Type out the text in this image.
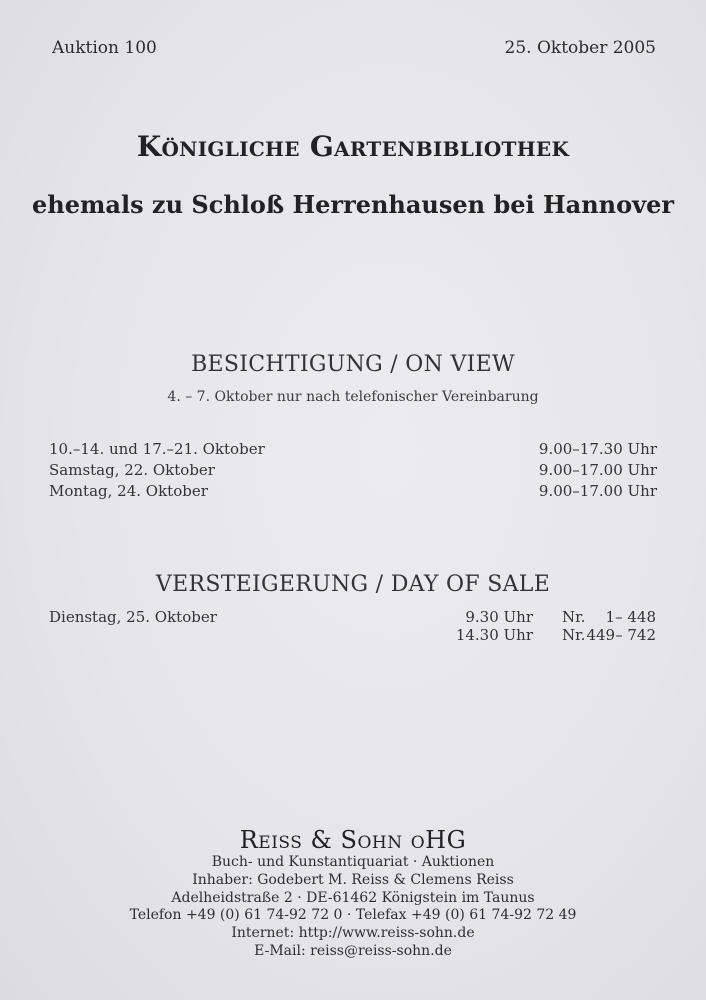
Auktion 100	25. Oktober 2005
Königliche Gartenbibliothek
ehemals zu Schloß Herrenhausen bei Hannover
BESICHTIGUNG / ON VIEW
4. – 7. Oktober nur nach telefonischer Vereinbarung
10.–14. und 17.–21. Oktober	9.00–17.30 Uhr
Samstag, 22. Oktober	9.00–17.00 Uhr
Montag, 24. Oktober	9.00–17.00 Uhr
VERSTEIGERUNG / DAY OF SALE
Dienstag, 25. Oktober	9.30 Uhr Nr. 1– 448
14.30 Uhr Nr. 449– 742
Reiss & Sohn oHG
Buch- und Kunstantiquariat · Auktionen
Inhaber: Godebert M. Reiss & Clemens Reiss
Adelheidstraße 2 · DE-61462 Königstein im Taunus
Telefon +49 (0) 61 74-92 72 0 · Telefax +49 (0) 61 74-92 72 49
Internet: http://www.reiss-sohn.de
E-Mail: reiss@reiss-sohn.de
